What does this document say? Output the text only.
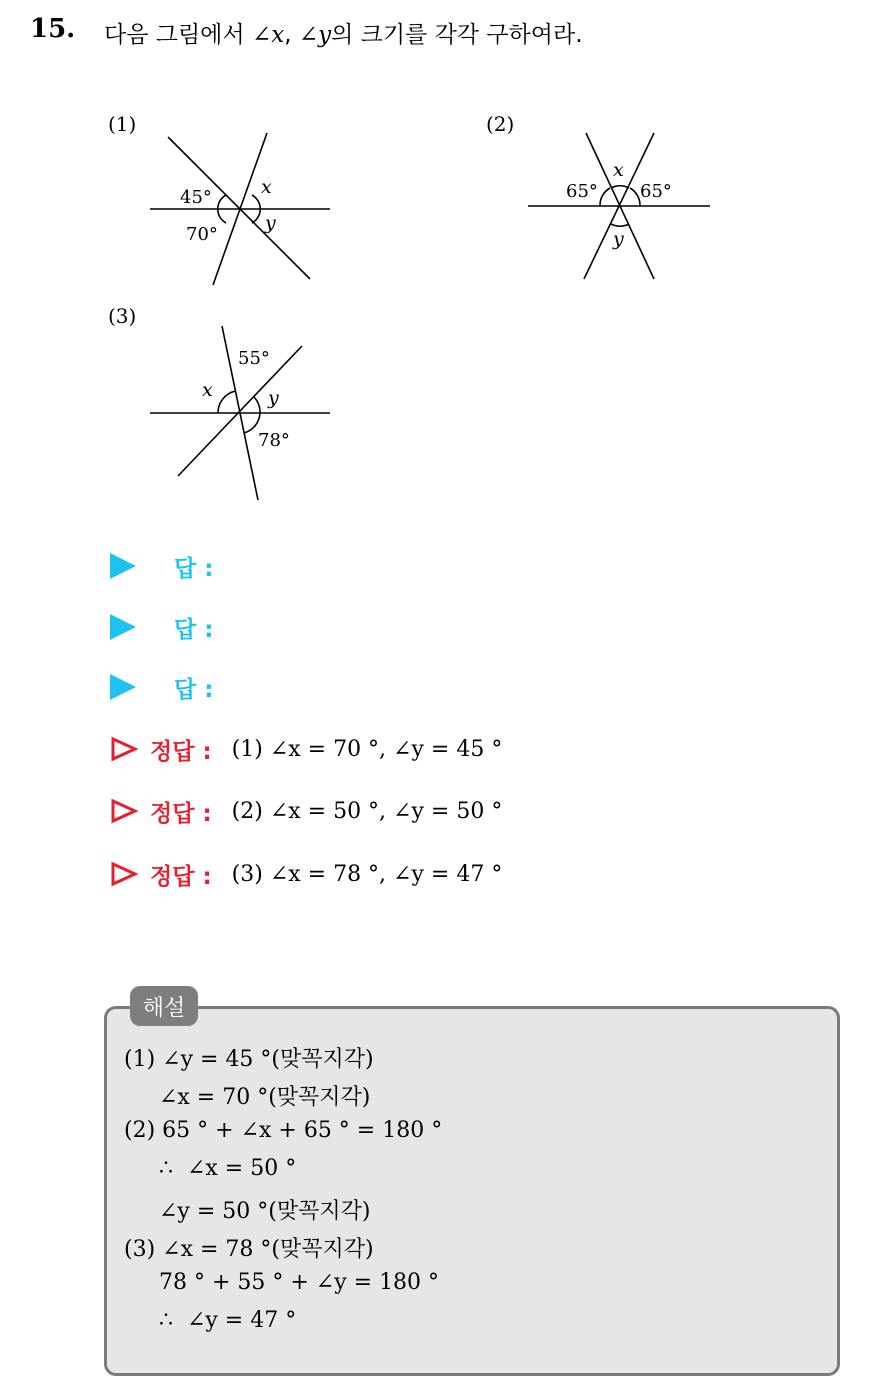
15. 다음 그림에서 ∠x, ∠y의 크기를 각각 구하여라.
(1)	(2)
(3)
45°
70°
x
y
65° 65°
x
y
55°
78°
x	y
답 :
답 :
답 :
정답 : (1) ∠x = 70 °, ∠y = 45 °
정답 : (2) ∠x = 50 °, ∠y = 50 °
정답 : (3) ∠x = 78 °, ∠y = 47 °
해설
(1) ∠y = 45 °(맞꼭지각)
∠x = 70 °(맞꼭지각)
(2) 65 ° + ∠x + 65 ° = 180 °
∴  ∠x = 50 °
∠y = 50 °(맞꼭지각)
(3) ∠x = 78 °(맞꼭지각)
78 ° + 55 ° + ∠y = 180 °
∴  ∠y = 47 °
